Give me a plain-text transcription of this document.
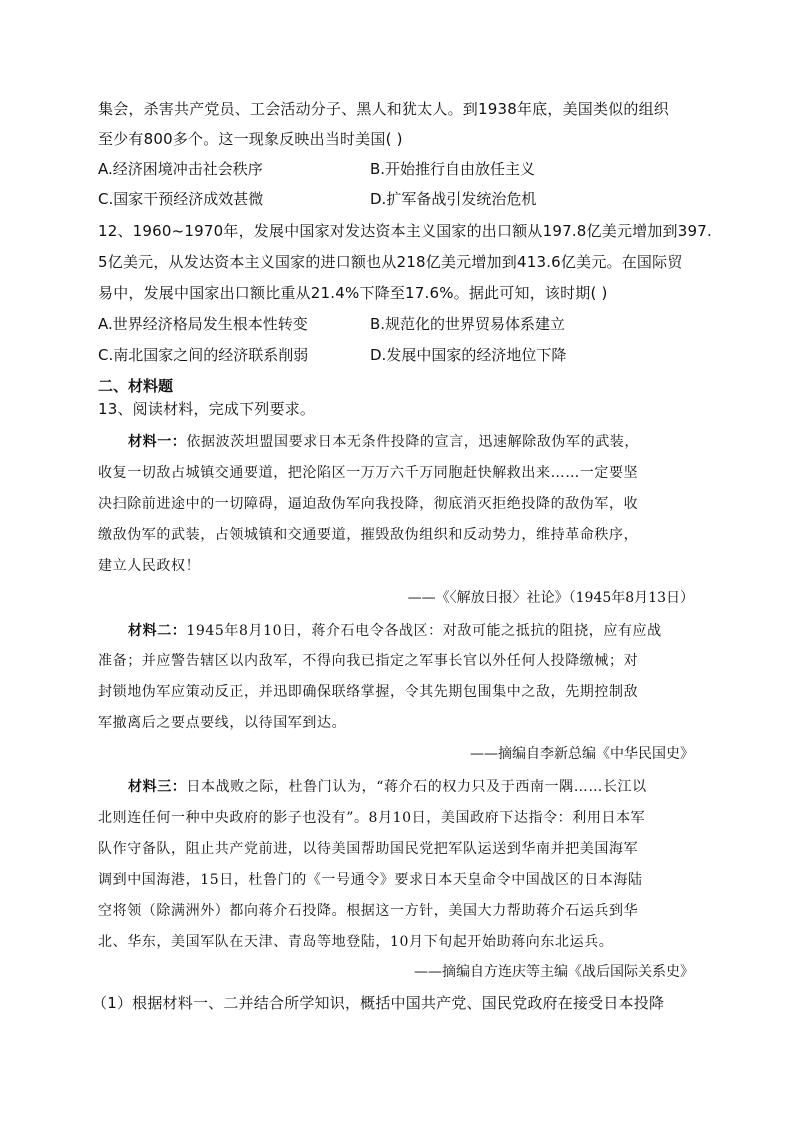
集会，杀害共产党员、工会活动分子、黑人和犹太人。到1938年底，美国类似的组织
至少有800多个。这一现象反映出当时美国( )
A.经济困境冲击社会秩序	B.开始推行自由放任主义
C.国家干预经济成效甚微	D.扩军备战引发统治危机
12、1960~1970年，发展中国家对发达资本主义国家的出口额从197.8亿美元增加到397.
5亿美元，从发达资本主义国家的进口额也从218亿美元增加到413.6亿美元。在国际贸
易中，发展中国家出口额比重从21.4%下降至17.6%。据此可知，该时期( )
A.世界经济格局发生根本性转变	B.规范化的世界贸易体系建立
C.南北国家之间的经济联系削弱	D.发展中国家的经济地位下降
二、材料题
13、阅读材料，完成下列要求。
材料一：依据波茨坦盟国要求日本无条件投降的宣言，迅速解除敌伪军的武装，
收复一切敌占城镇交通要道，把沦陷区一万万六千万同胞赶快解救出来……一定要坚
决扫除前进途中的一切障碍，逼迫敌伪军向我投降，彻底消灭拒绝投降的敌伪军，收
缴敌伪军的武装，占领城镇和交通要道，摧毁敌伪组织和反动势力，维持革命秩序，
建立人民政权！
——《〈解放日报〉社论》（1945年8月13日）
材料二：1945年8月10日，蒋介石电令各战区：对敌可能之抵抗的阻挠，应有应战
准备；并应警告辖区以内敌军，不得向我已指定之军事长官以外任何人投降缴械；对
封锁地伪军应策动反正，并迅即确保联络掌握，令其先期包围集中之敌，先期控制敌
军撤离后之要点要线，以待国军到达。
——摘编自李新总编《中华民国史》
材料三：日本战败之际，杜鲁门认为，“蒋介石的权力只及于西南一隅……长江以
北则连任何一种中央政府的影子也没有”。8月10日，美国政府下达指令：利用日本军
队作守备队，阻止共产党前进，以待美国帮助国民党把军队运送到华南并把美国海军
调到中国海港，15日，杜鲁门的《一号通令》要求日本天皇命令中国战区的日本海陆
空将领（除满洲外）都向蒋介石投降。根据这一方针，美国大力帮助蒋介石运兵到华
北、华东，美国军队在天津、青岛等地登陆，10月下旬起开始助蒋向东北运兵。
——摘编自方连庆等主编《战后国际关系史》
（1）根据材料一、二并结合所学知识，概括中国共产党、国民党政府在接受日本投降
